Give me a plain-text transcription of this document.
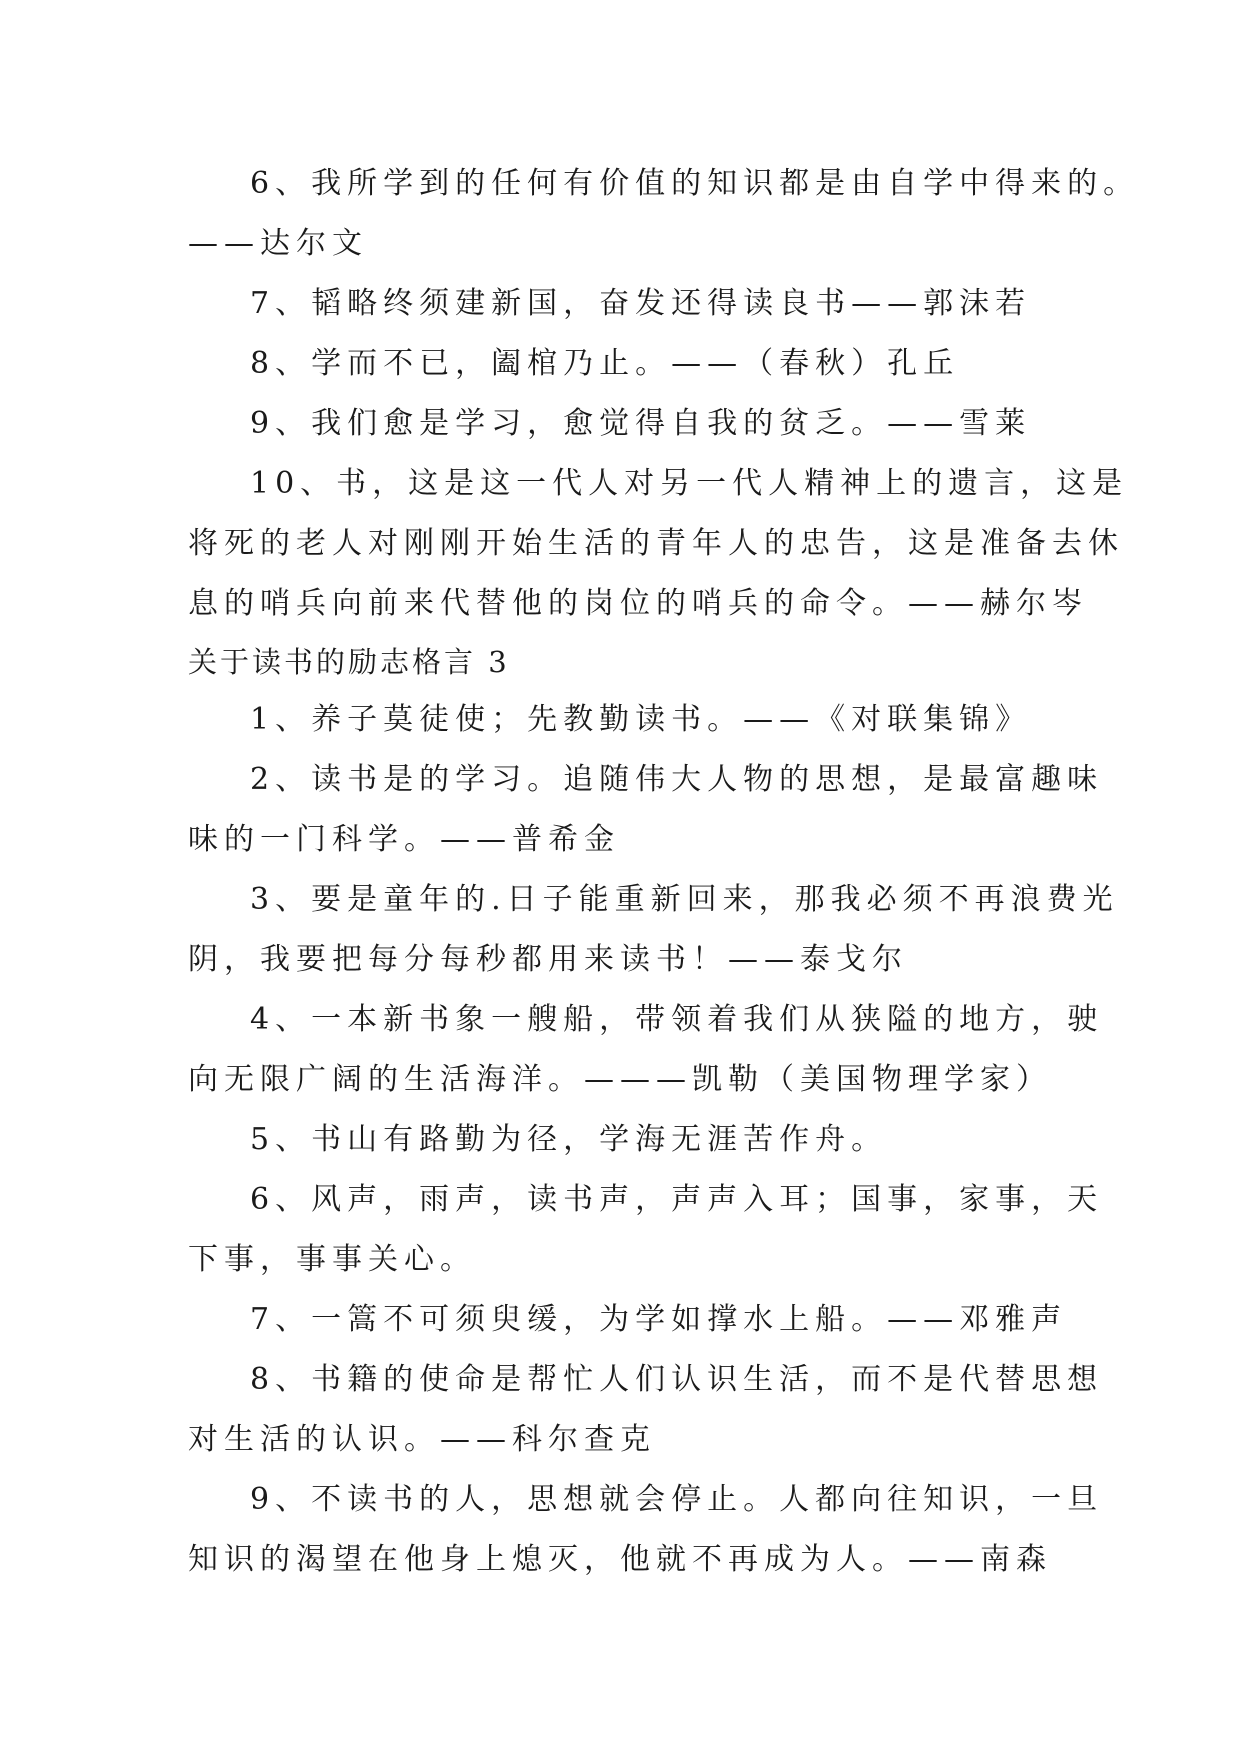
6、我所学到的任何有价值的知识都是由自学中得来的。
——达尔文
7、韬略终须建新国，奋发还得读良书——郭沫若
8、学而不已，阖棺乃止。——（春秋）孔丘
9、我们愈是学习，愈觉得自我的贫乏。——雪莱
10、书，这是这一代人对另一代人精神上的遗言，这是
将死的老人对刚刚开始生活的青年人的忠告，这是准备去休
息的哨兵向前来代替他的岗位的哨兵的命令。——赫尔岑
关于读书的励志格言 3
1、养子莫徒使；先教勤读书。——《对联集锦》
2、读书是的学习。追随伟大人物的思想，是最富趣味
味的一门科学。——普希金
3、要是童年的.日子能重新回来，那我必须不再浪费光
阴，我要把每分每秒都用来读书！——泰戈尔
4、一本新书象一艘船，带领着我们从狭隘的地方，驶
向无限广阔的生活海洋。———凯勒（美国物理学家）
5、书山有路勤为径，学海无涯苦作舟。
6、风声，雨声，读书声，声声入耳；国事，家事，天
下事，事事关心。
7、一篙不可须臾缓，为学如撑水上船。——邓雅声
8、书籍的使命是帮忙人们认识生活，而不是代替思想
对生活的认识。——科尔查克
9、不读书的人，思想就会停止。人都向往知识，一旦
知识的渴望在他身上熄灭，他就不再成为人。——南森
